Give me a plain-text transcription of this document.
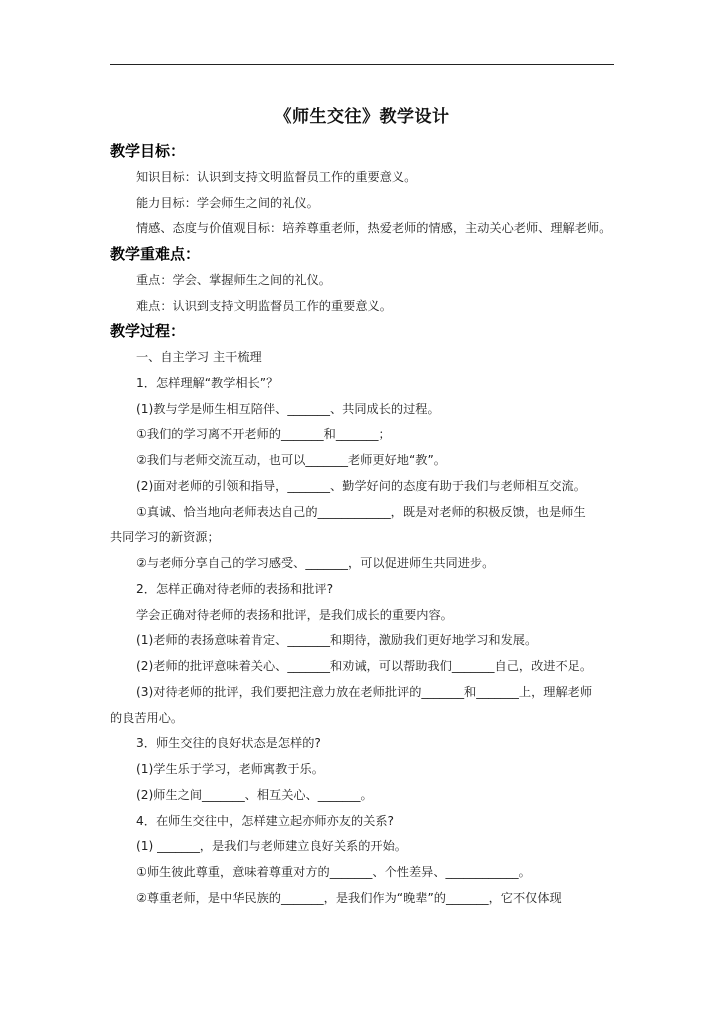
《师生交往》教学设计
教学目标：
知识目标：认识到支持文明监督员工作的重要意义。
能力目标：学会师生之间的礼仪。
情感、态度与价值观目标：培养尊重老师，热爱老师的情感，主动关心老师、理解老师。
教学重难点：
重点：学会、掌握师生之间的礼仪。
难点：认识到支持文明监督员工作的重要意义。
教学过程：
一、自主学习 主干梳理
1．怎样理解“教学相长”？
(1)教与学是师生相互陪伴、_______、共同成长的过程。
①我们的学习离不开老师的_______和_______；
②我们与老师交流互动，也可以_______老师更好地“教”。
(2)面对老师的引领和指导，_______、勤学好问的态度有助于我们与老师相互交流。
①真诚、恰当地向老师表达自己的____________，既是对老师的积极反馈，也是师生
共同学习的新资源；
②与老师分享自己的学习感受、_______，可以促进师生共同进步。
2．怎样正确对待老师的表扬和批评?
学会正确对待老师的表扬和批评，是我们成长的重要内容。
(1)老师的表扬意味着肯定、_______和期待，激励我们更好地学习和发展。
(2)老师的批评意味着关心、_______和劝诫，可以帮助我们_______自己，改进不足。
(3)对待老师的批评，我们要把注意力放在老师批评的_______和_______上，理解老师
的良苦用心。
3．师生交往的良好状态是怎样的?
(1)学生乐于学习，老师寓教于乐。
(2)师生之间_______、相互关心、_______。
4．在师生交往中，怎样建立起亦师亦友的关系?
(1) _______，是我们与老师建立良好关系的开始。
①师生彼此尊重，意味着尊重对方的_______、个性差异、____________。
②尊重老师，是中华民族的_______，是我们作为“晚辈”的_______，它不仅体现
